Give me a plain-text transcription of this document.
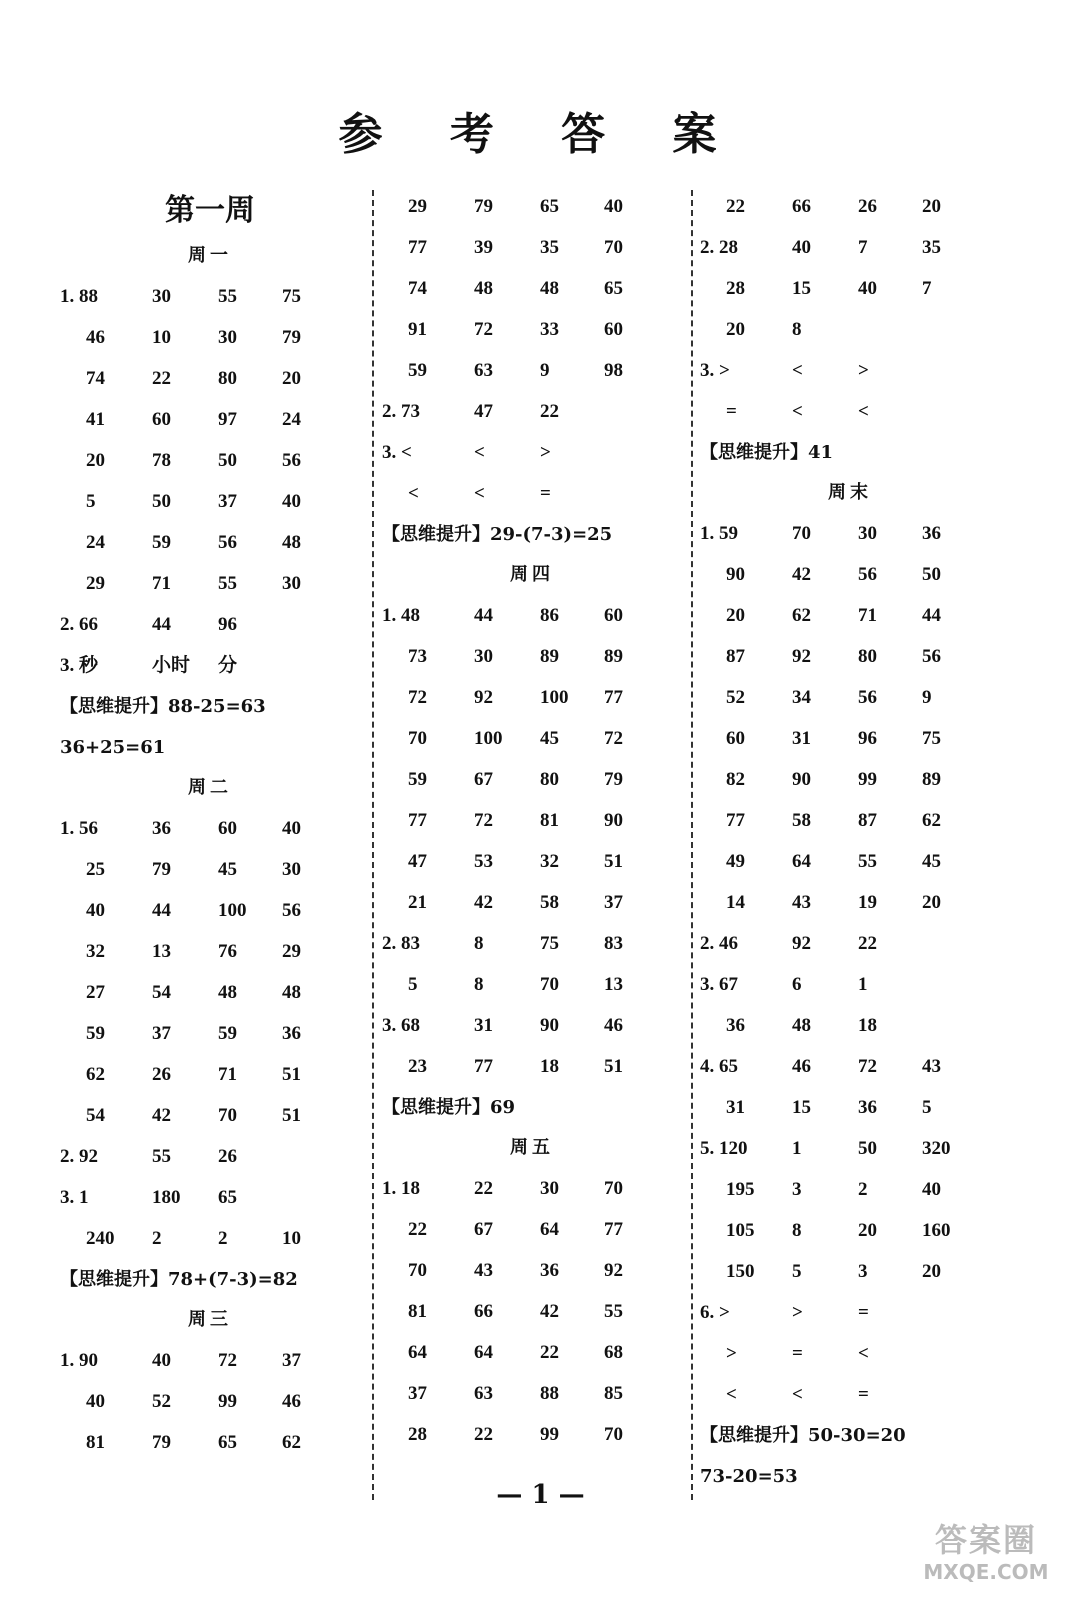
参 考 答 案
第一周
周一
1. 88	30 55 75
46 10 30 79
74 22 80 20
41 60 97 24
20 78 50 56
5	50 37 40
24 59 56 48
29 71 55 30
2. 66	44 96
3. 秒	小时 分
【思维提升】88-25=63
36+25=61
周二
1. 56	36 60 40
25 79 45 30
40 44 100 56
32 13 76 29
27 54 48 48
59 37 59 36
62 26 71 51
54 42 70 51
2. 92	55 26
3. 1	180 65
240 2	2	10
【思维提升】78+(7-3)=82
周三
1. 90	40 72 37
40 52 99 46
81 79 65 62
29 79 65 40
77 39 35 70
74 48 48 65
91 72 33 60
59 63 9	98
2. 73	47 22
3. <	<	>
<	<	=
【思维提升】29-(7-3)=25
周四
1. 48	44 86 60
73 30 89 89
72 92 100 77
70 100 45 72
59 67 80 79
77 72 81 90
47 53 32 51
21 42 58 37
2. 83	8	75 83
5	8	70 13
3. 68	31 90 46
23 77 18 51
【思维提升】69
周五
1. 18	22 30 70
22 67 64 77
70 43 36 92
81 66 42 55
64 64 22 68
37 63 88 85
28 22 99 70
22 66 26 20
2. 28	40 7	35
28 15 40 7
20 8
3. >	<	>
=	<	<
【思维提升】41
周末
1. 59	70 30 36
90 42 56 50
20 62 71 44
87 92 80 56
52 34 56 9
60 31 96 75
82 90 99 89
77 58 87 62
49 64 55 45
14 43 19 20
2. 46	92 22
3. 67	6	1
36 48 18
4. 65	46 72 43
31 15 36 5
5. 120 1	50 320
195 3	2	40
105 8	20 160
150 5	3	20
6. >	>	=
>	=	<
<	<	=
【思维提升】50-30=20
73-20=53
— 1 —
答案圈
MXQE.COM
